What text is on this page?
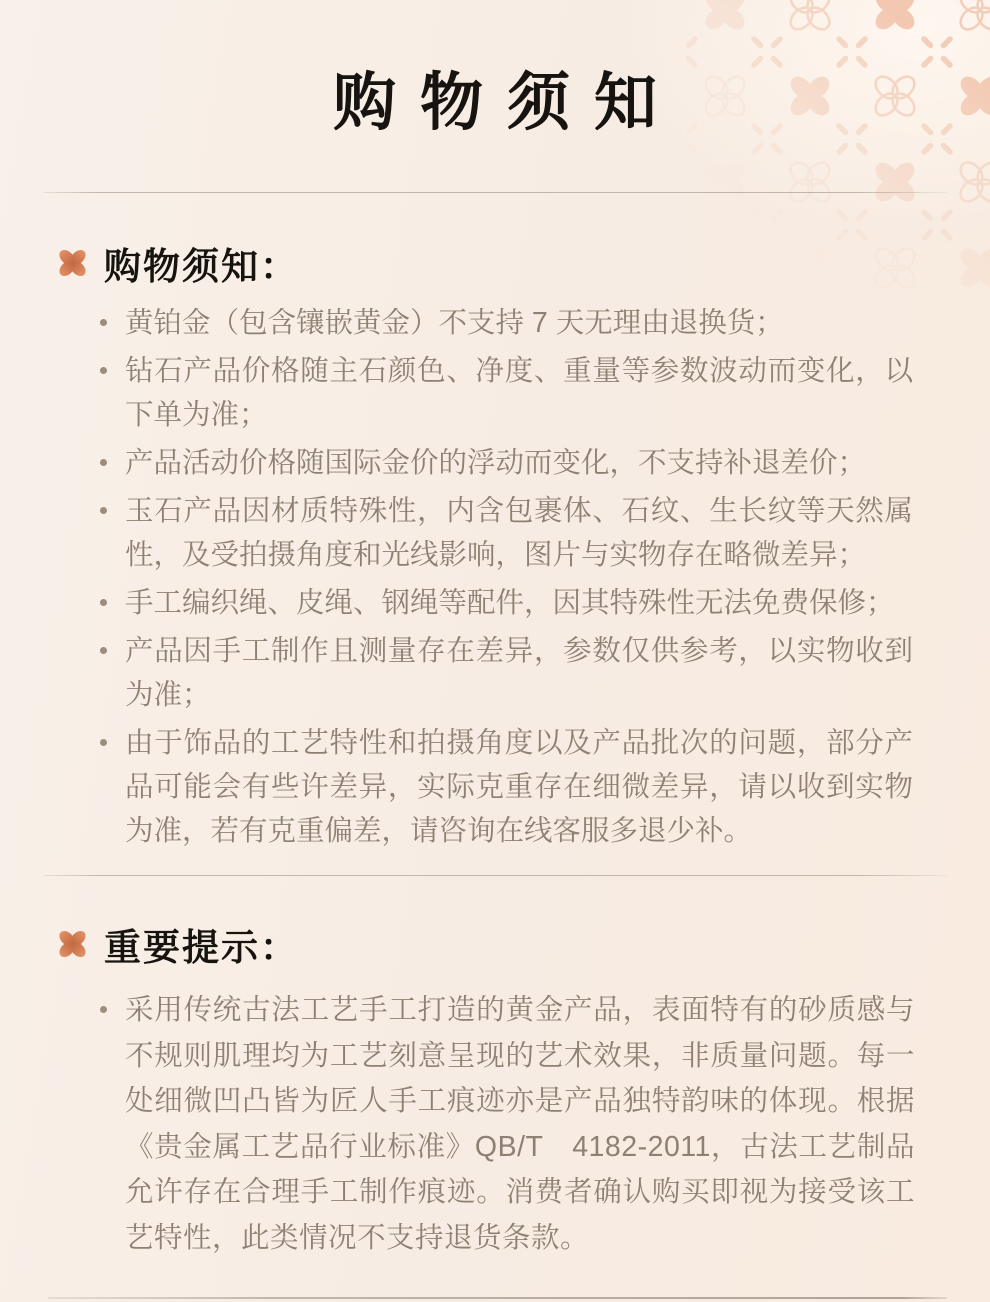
购物须知
购物须知：
黄铂金（包含镶嵌黄金）不支持 7 天无理由退换货；
钻石产品价格随主石颜色、净度、重量等参数波动而变化，以下单为准；
产品活动价格随国际金价的浮动而变化，不支持补退差价；
玉石产品因材质特殊性，内含包裹体、石纹、生长纹等天然属性，及受拍摄角度和光线影响，图片与实物存在略微差异；
手工编织绳、皮绳、钢绳等配件，因其特殊性无法免费保修；
产品因手工制作且测量存在差异，参数仅供参考，以实物收到为准；
由于饰品的工艺特性和拍摄角度以及产品批次的问题，部分产品可能会有些许差异，实际克重存在细微差异，请以收到实物为准，若有克重偏差，请咨询在线客服多退少补。
重要提示：
采用传统古法工艺手工打造的黄金产品，表面特有的砂质感与不规则肌理均为工艺刻意呈现的艺术效果，非质量问题。每一处细微凹凸皆为匠人手工痕迹亦是产品独特韵味的体现。根据《贵金属工艺品行业标准》QB/T　4182-2011，古法工艺制品允许存在合理手工制作痕迹。消费者确认购买即视为接受该工艺特性，此类情况不支持退货条款。
